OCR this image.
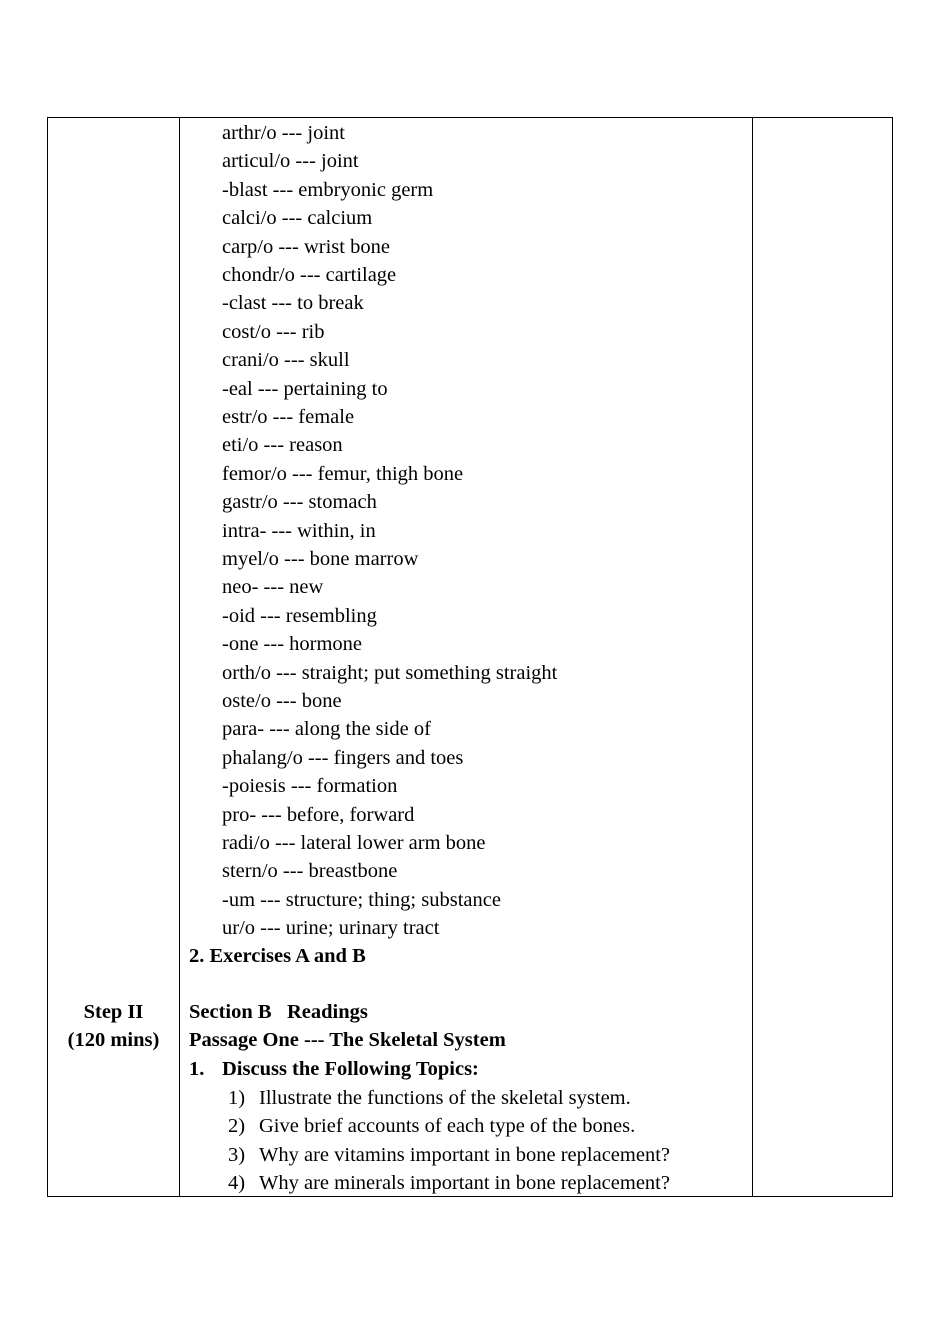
Step II
(120 mins)
arthr/o --- joint
articul/o --- joint
-blast --- embryonic germ
calci/o --- calcium
carp/o --- wrist bone
chondr/o --- cartilage
-clast --- to break
cost/o --- rib
crani/o --- skull
-eal --- pertaining to
estr/o --- female
eti/o --- reason
femor/o --- femur, thigh bone
gastr/o --- stomach
intra- --- within, in
myel/o --- bone marrow
neo- --- new
-oid --- resembling
-one --- hormone
orth/o --- straight; put something straight
oste/o --- bone
para- --- along the side of
phalang/o --- fingers and toes
-poiesis --- formation
pro- --- before, forward
radi/o --- lateral lower arm bone
stern/o --- breastbone
-um --- structure; thing; substance
ur/o --- urine; urinary tract
2. Exercises A and B
Section B   Readings
Passage One --- The Skeletal System
1. Discuss the Following Topics:
1) Illustrate the functions of the skeletal system.
2) Give brief accounts of each type of the bones.
3) Why are vitamins important in bone replacement?
4) Why are minerals important in bone replacement?
